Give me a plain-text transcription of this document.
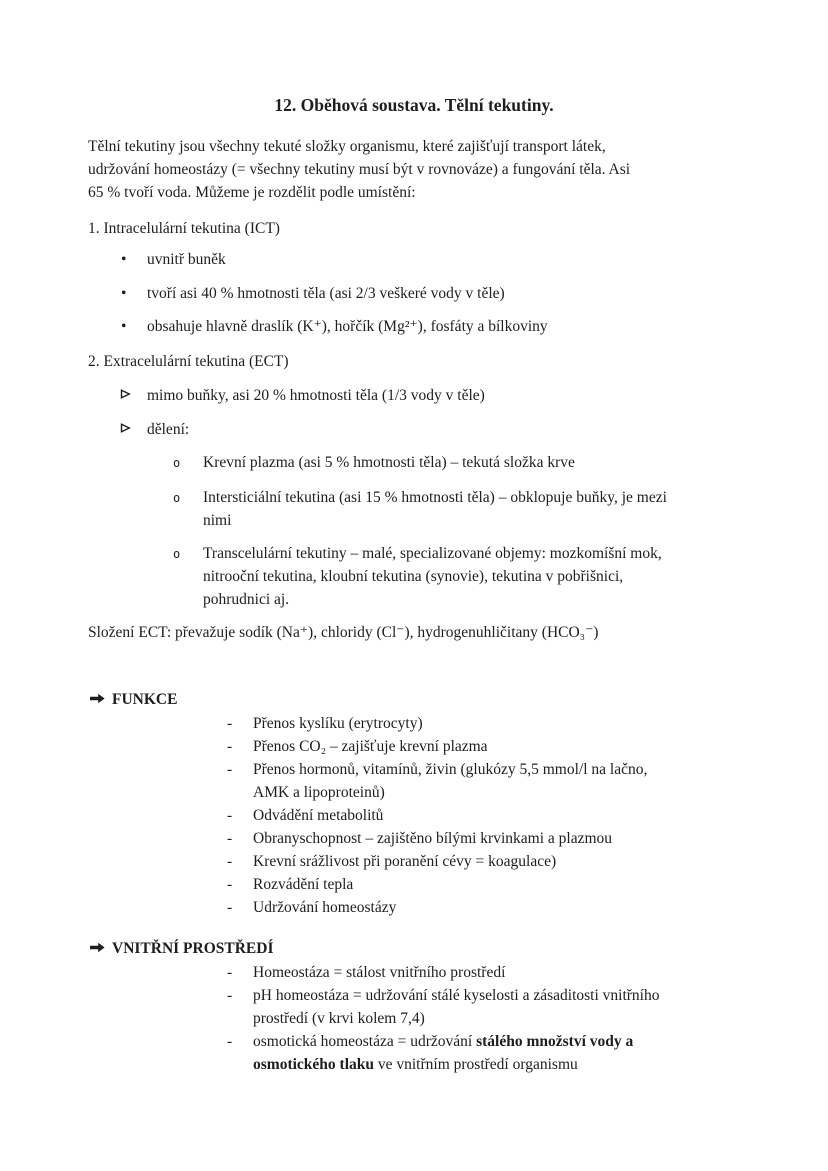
12. Oběhová soustava. Tělní tekutiny.
Tělní tekutiny jsou všechny tekuté složky organismu, které zajišťují transport látek,
udržování homeostázy (= všechny tekutiny musí být v rovnováze) a fungování těla. Asi
65 % tvoří voda. Můžeme je rozdělit podle umístění:
1. Intracelulární tekutina (ICT)
•	uvnitř buněk
•	tvoří asi 40 % hmotnosti těla (asi 2/3 veškeré vody v těle)
•	obsahuje hlavně draslík (K⁺), hořčík (Mg²⁺), fosfáty a bílkoviny
2. Extracelulární tekutina (ECT)
mimo buňky, asi 20 % hmotnosti těla (1/3 vody v těle)
dělení:
o	Krevní plazma (asi 5 % hmotnosti těla) – tekutá složka krve
o	Intersticiální tekutina (asi 15 % hmotnosti těla) – obklopuje buňky, je mezi
nimi
o	Transcelulární tekutiny – malé, specializované objemy: mozkomíšní mok,
nitrooční tekutina, kloubní tekutina (synovie), tekutina v pobřišnici,
pohrudnici aj.
Složení ECT: převažuje sodík (Na⁺), chloridy (Cl⁻), hydrogenuhličitany (HCO₃⁻)
FUNKCE
-	Přenos kyslíku (erytrocyty)
-	Přenos CO₂ – zajišťuje krevní plazma
-	Přenos hormonů, vitamínů, živin (glukózy 5,5 mmol/l na lačno,
AMK a lipoproteinů)
-	Odvádění metabolitů
-	Obranyschopnost – zajištěno bílými krvinkami a plazmou
-	Krevní srážlivost při poranění cévy = koagulace)
-	Rozvádění tepla
-	Udržování homeostázy
VNITŘNÍ PROSTŘEDÍ
-	Homeostáza = stálost vnitřního prostředí
-	pH homeostáza = udržování stálé kyselosti a zásaditosti vnitřního
prostředí (v krvi kolem 7,4)
-	osmotická homeostáza = udržování stálého množství vody a
osmotického tlaku ve vnitřním prostředí organismu
